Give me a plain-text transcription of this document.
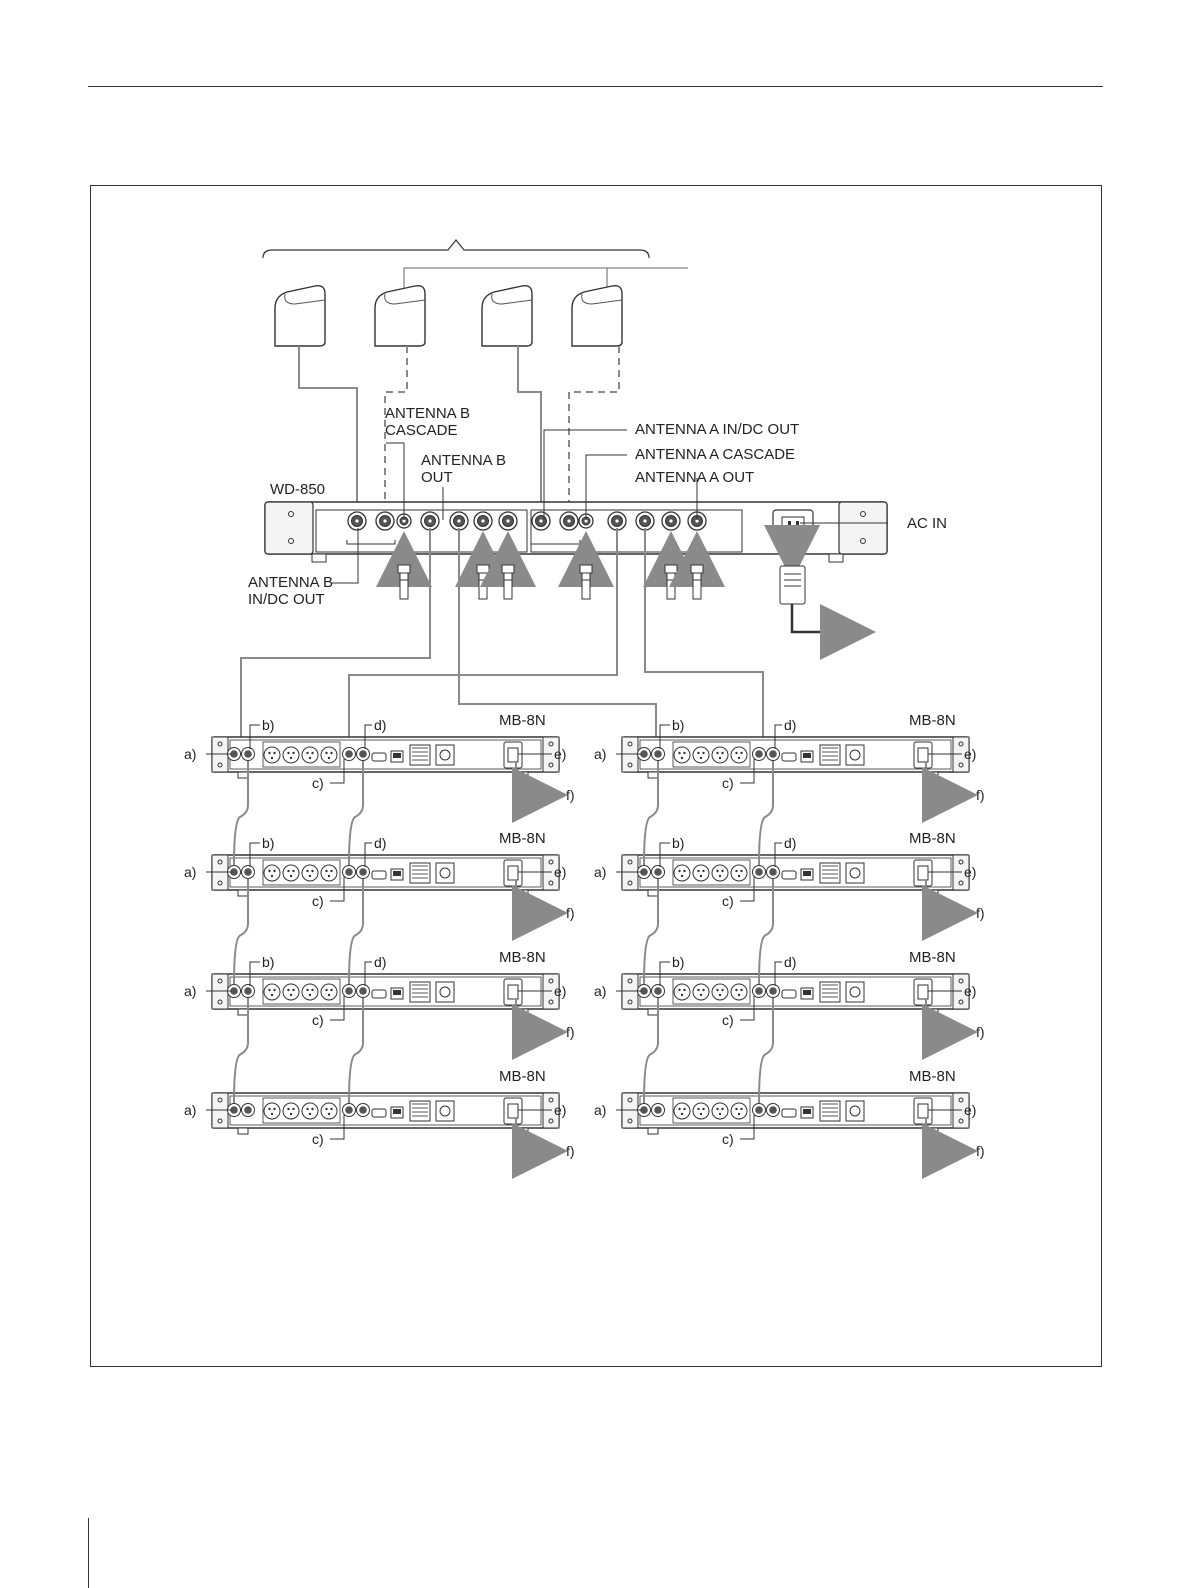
WD-850
ANTENNA B
CASCADE
ANTENNA B
OUT
ANTENNA A IN/DC OUT
ANTENNA A CASCADE
ANTENNA A OUT
AC IN
ANTENNA B
IN/DC OUT
a)
c)
e)
f)
MB-8N
b)	d)
a)
c)
e)
f)
MB-8N
b)	d)
a)
c)
e)
f)
MB-8N
b)	d)
a)
c)
e)
f)
MB-8N
b)	d)
a)
c)
e)
f)
MB-8N
b)	d)
a)
c)
e)
f)
MB-8N
b)	d)
a)
c)
e)
f)
MB-8N
a)
c)
e)
f)
MB-8N
